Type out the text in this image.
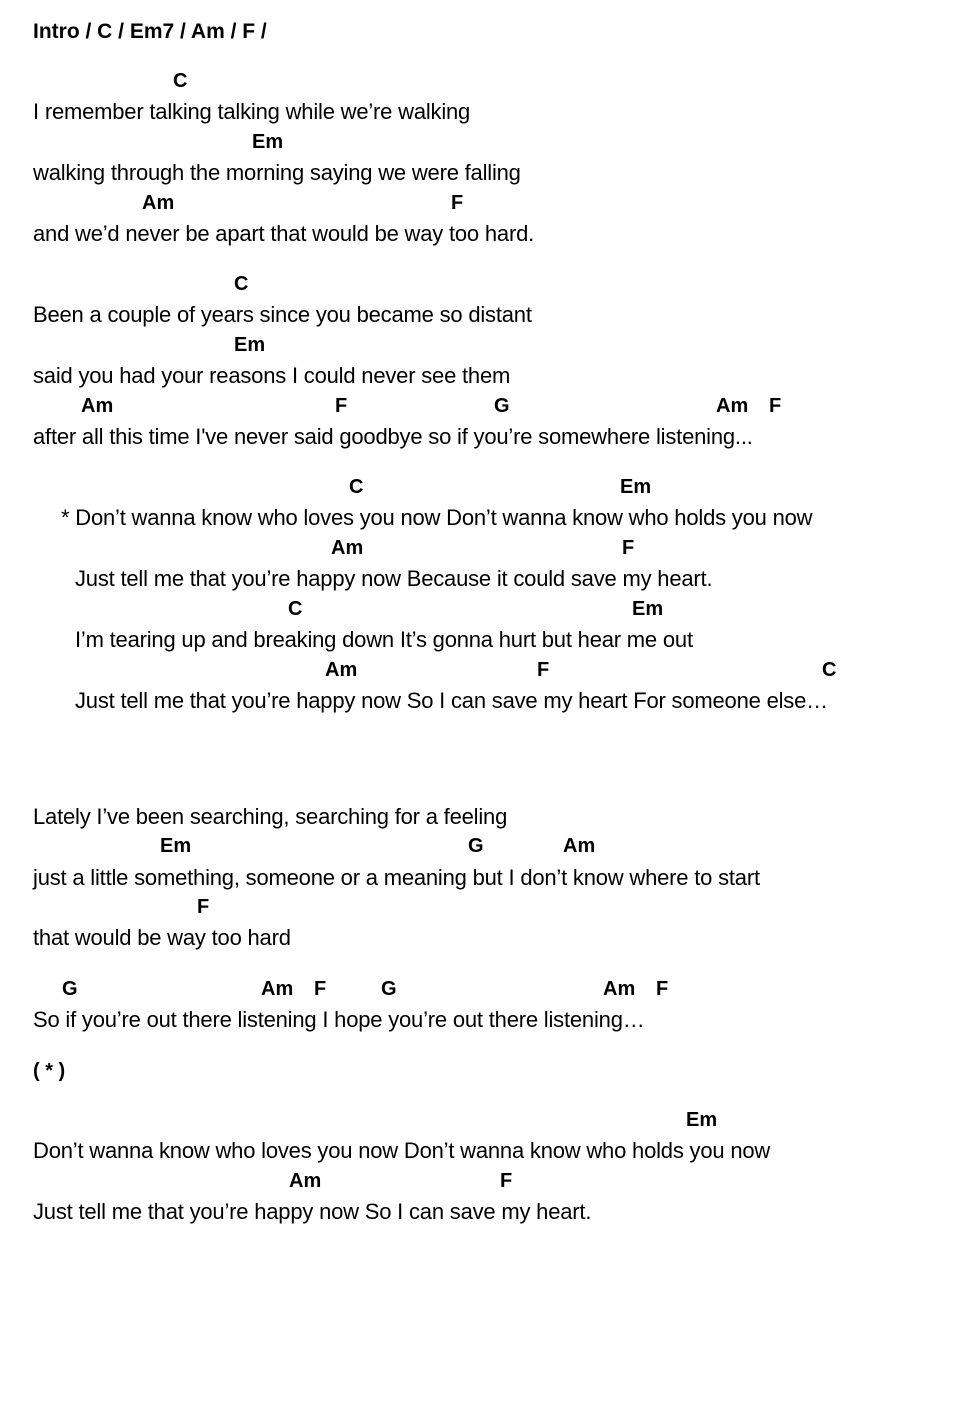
Intro / C / Em7 / Am / F /
C
I remember talking talking while we’re walking
Em
walking through the morning saying we were falling
Am	F
and we’d never be apart that would be way too hard.
C
Been a couple of years since you became so distant
Em
said you had your reasons I could never see them
Am	F	G	Am F
after all this time I've never said goodbye so if you’re somewhere listening...
C	Em
* Don’t wanna know who loves you now Don’t wanna know who holds you now
Am	F
Just tell me that you’re happy now Because it could save my heart.
C	Em
I’m tearing up and breaking down It’s gonna hurt but hear me out
Am	F	C
Just tell me that you’re happy now So I can save my heart For someone else…
Lately I’ve been searching, searching for a feeling
Em	G	Am
just a little something, someone or a meaning but I don’t know where to start
F
that would be way too hard
G	Am F	G	Am F
So if you’re out there listening I hope you’re out there listening…
( * )
Em
Don’t wanna know who loves you now Don’t wanna know who holds you now
Am	F
Just tell me that you’re happy now So I can save my heart.
